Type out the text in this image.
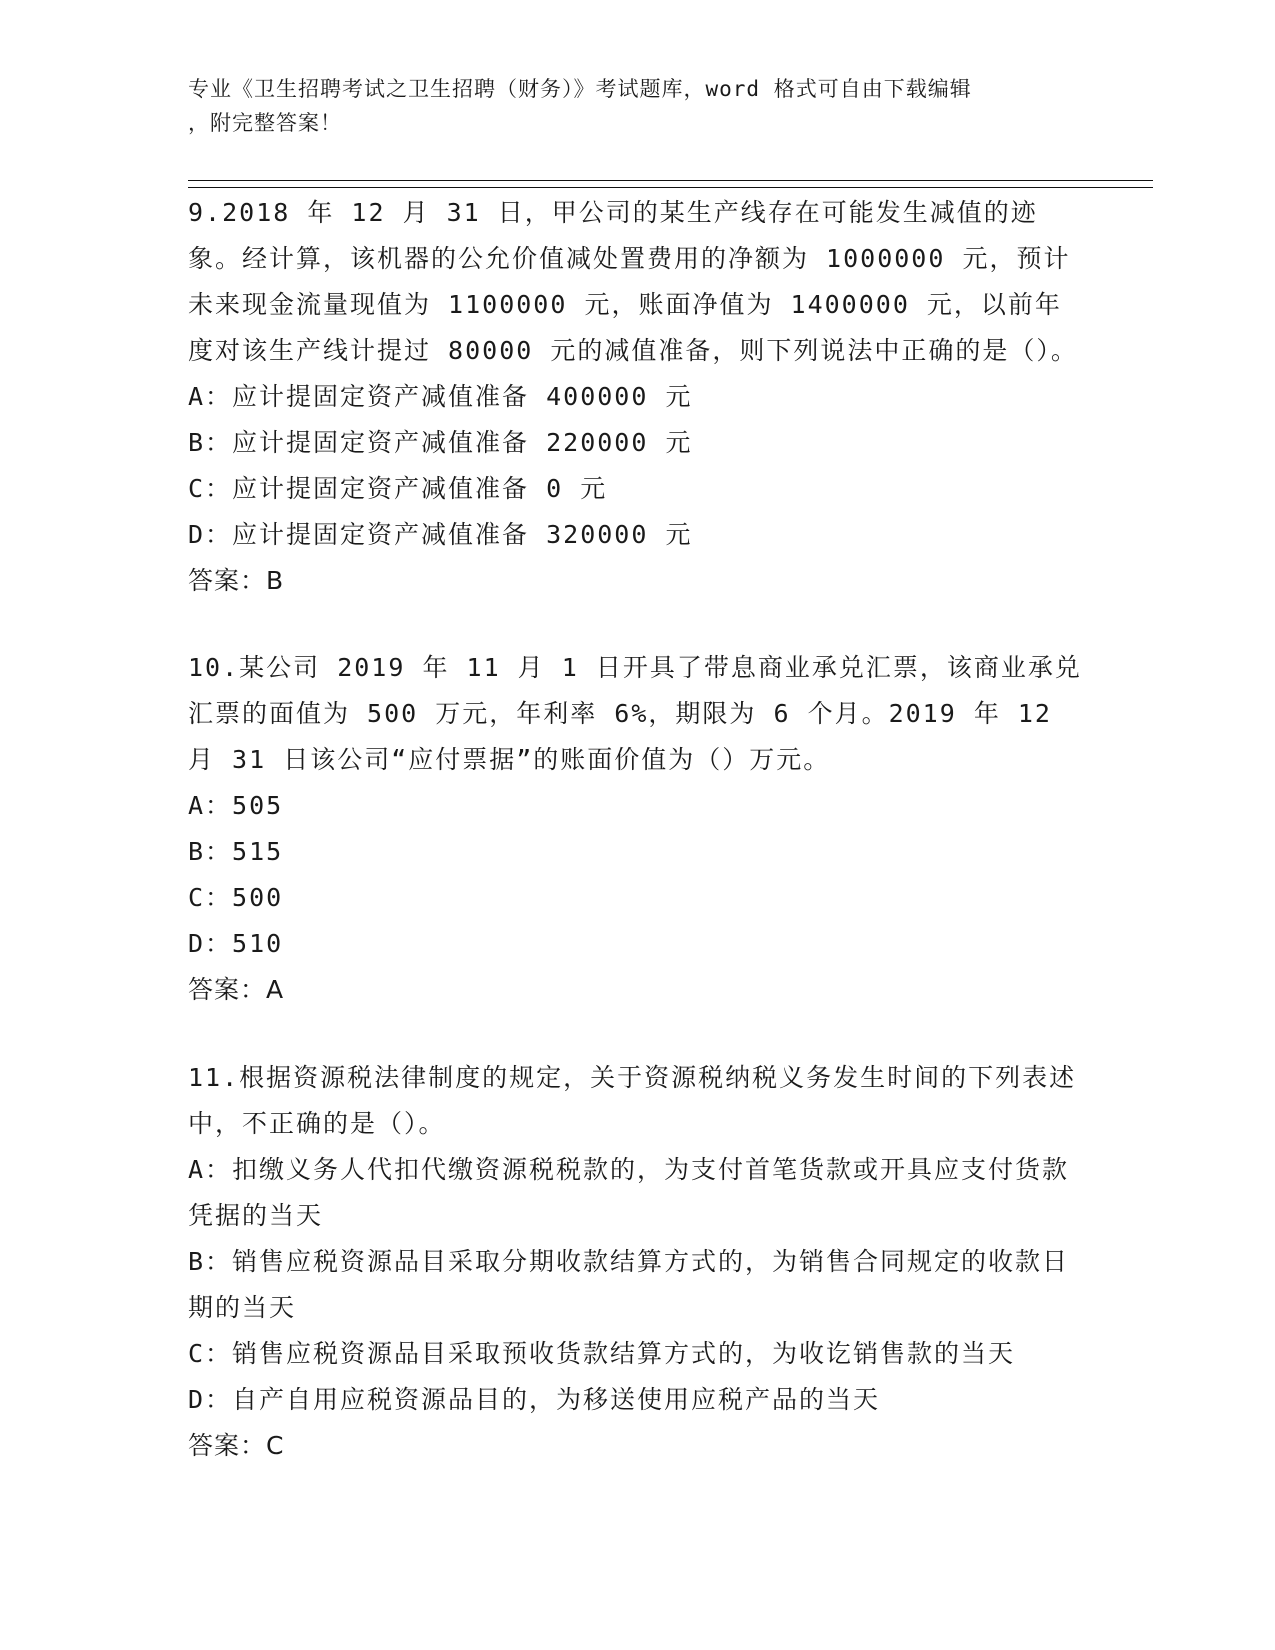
专业《卫生招聘考试之卫生招聘（财务）》考试题库，word 格式可自由下载编辑
，附完整答案！

9.2018 年 12 月 31 日，甲公司的某生产线存在可能发生减值的迹象。经计算，该机器的公允价值减处置费用的净额为 1000000 元，预计未来现金流量现值为 1100000 元，账面净值为 1400000 元，以前年度对该生产线计提过 80000 元的减值准备，则下列说法中正确的是（）。

A：应计提固定资产减值准备 400000 元

B：应计提固定资产减值准备 220000 元

C：应计提固定资产减值准备 0 元

D：应计提固定资产减值准备 320000 元

答案：B

10.某公司 2019 年 11 月 1 日开具了带息商业承兑汇票，该商业承兑汇票的面值为 500 万元，年利率 6%，期限为 6 个月。2019 年 12 月 31 日该公司“应付票据”的账面价值为（）万元。

A：505

B：515

C：500

D：510

答案：A

11.根据资源税法律制度的规定，关于资源税纳税义务发生时间的下列表述中，不正确的是（）。

A：扣缴义务人代扣代缴资源税税款的，为支付首笔货款或开具应支付货款凭据的当天

B：销售应税资源品目采取分期收款结算方式的，为销售合同规定的收款日期的当天

C：销售应税资源品目采取预收货款结算方式的，为收讫销售款的当天

D：自产自用应税资源品目的，为移送使用应税产品的当天

答案：C
